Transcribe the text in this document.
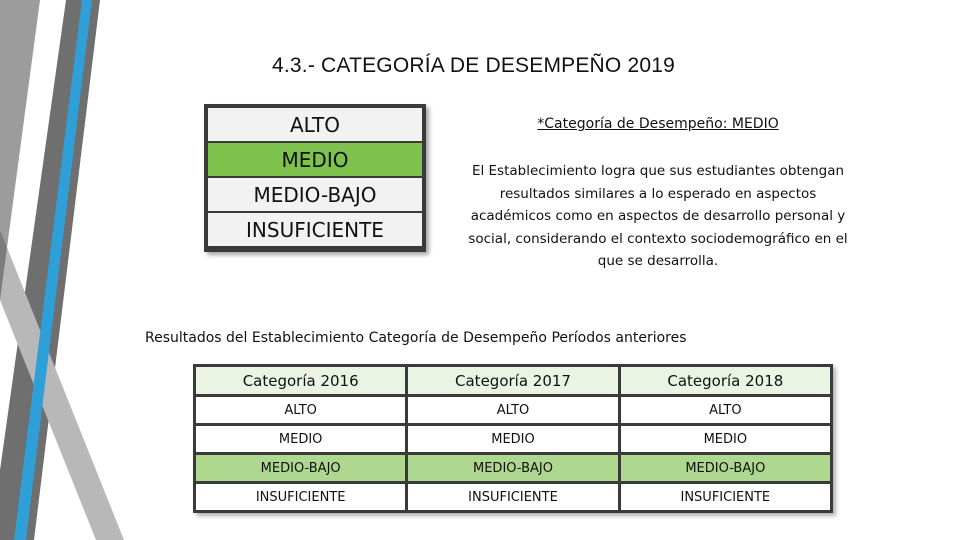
4.3.- CATEGORÍA DE DESEMPEÑO 2019
ALTO
MEDIO
MEDIO-BAJO
INSUFICIENTE
*Categoría de Desempeño: MEDIO
El Establecimiento logra que sus estudiantes obtengan resultados similares a lo esperado en aspectos académicos como en aspectos de desarrollo personal y social, considerando el contexto sociodemográfico en el que se desarrolla.
Resultados del Establecimiento Categoría de Desempeño Períodos anteriores
Categoría 2016	Categoría 2017	Categoría 2018
ALTO	ALTO	ALTO
MEDIO	MEDIO	MEDIO
MEDIO-BAJO	MEDIO-BAJO	MEDIO-BAJO
INSUFICIENTE	INSUFICIENTE	INSUFICIENTE
